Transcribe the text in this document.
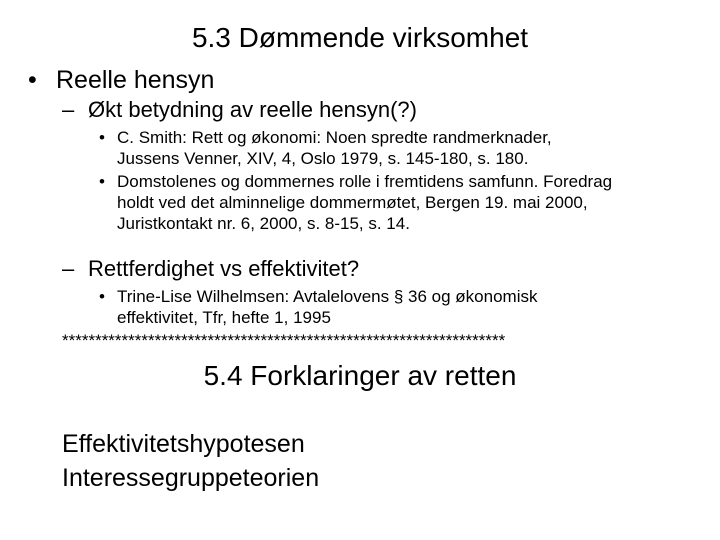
5.3 Dømmende virksomhet
• Reelle hensyn
– Økt betydning av reelle hensyn(?)
• C. Smith: Rett og økonomi: Noen spredte randmerknader,
Jussens Venner, XIV, 4, Oslo 1979, s. 145-180, s. 180.
• Domstolenes og dommernes rolle i fremtidens samfunn. Foredrag
holdt ved det alminnelige dommermøtet, Bergen 19. mai 2000,
Juristkontakt nr. 6, 2000, s. 8-15, s. 14.
– Rettferdighet vs effektivitet?
• Trine-Lise Wilhelmsen: Avtalelovens § 36 og økonomisk
effektivitet, Tfr, hefte 1, 1995
*******************************************************************
5.4 Forklaringer av retten
Effektivitetshypotesen
Interessegruppeteorien
